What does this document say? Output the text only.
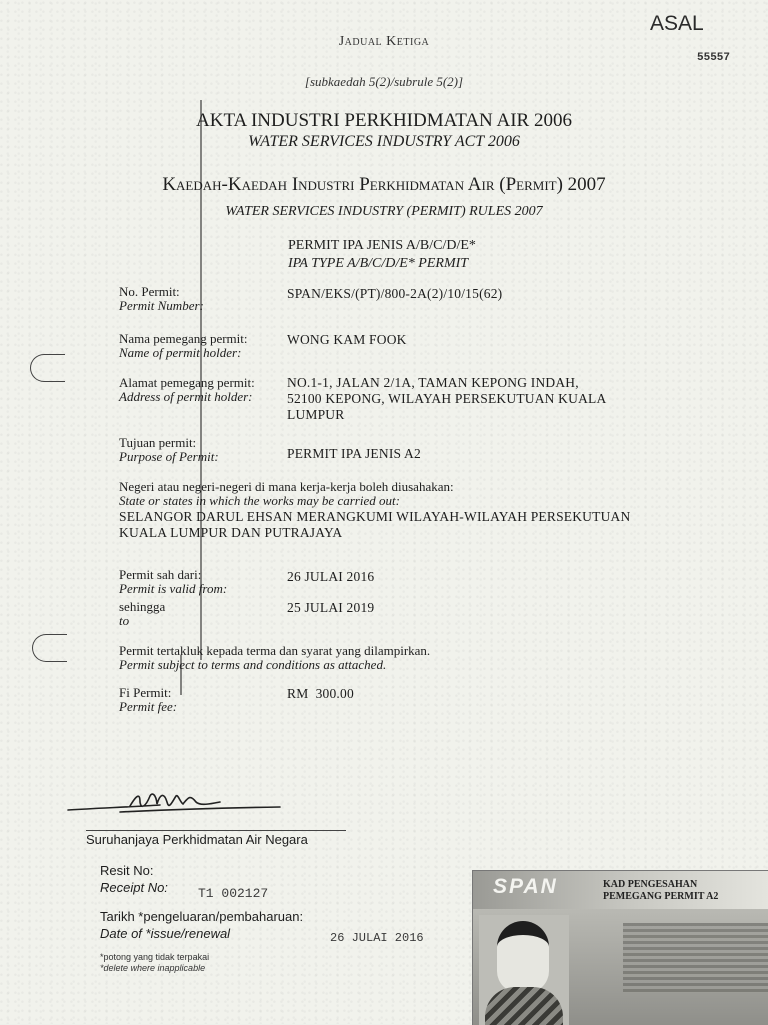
ASAL
55557
Jadual Ketiga
[subkaedah 5(2)/subrule 5(2)]
AKTA INDUSTRI PERKHIDMATAN AIR 2006
WATER SERVICES INDUSTRY ACT 2006
Kaedah-Kaedah Industri Perkhidmatan Air (Permit) 2007
WATER SERVICES INDUSTRY (PERMIT) RULES 2007
PERMIT IPA JENIS A/B/C/D/E*
IPA TYPE A/B/C/D/E* PERMIT
No. Permit:
Permit Number:
SPAN/EKS/(PT)/800-2A(2)/10/15(62)
Nama pemegang permit:
Name of permit holder:
WONG KAM FOOK
Alamat pemegang permit:
Address of permit holder:
NO.1-1, JALAN 2/1A, TAMAN KEPONG INDAH,
52100 KEPONG, WILAYAH PERSEKUTUAN KUALA
LUMPUR
Tujuan permit:
Purpose of Permit:	PERMIT IPA JENIS A2
Negeri atau negeri-negeri di mana kerja-kerja boleh diusahakan:
State or states in which the works may be carried out:
SELANGOR DARUL EHSAN MERANGKUMI WILAYAH-WILAYAH PERSEKUTUAN
KUALA LUMPUR DAN PUTRAJAYA
Permit sah dari:
Permit is valid from:
26 JULAI 2016
sehingga
to
25 JULAI 2019
Permit tertakluk kepada terma dan syarat yang dilampirkan.
Permit subject to terms and conditions as attached.
Fi Permit:
Permit fee:
RM 300.00
Suruhanjaya Perkhidmatan Air Negara
Resit No:
Receipt No: T1 002127
Tarikh *pengeluaran/pembaharuan:
Date of *issue/renewal	26 JULAI 2016
*potong yang tidak terpakai
*delete where inapplicable
SPAN	KAD PENGESAHAN
PEMEGANG PERMIT A2
